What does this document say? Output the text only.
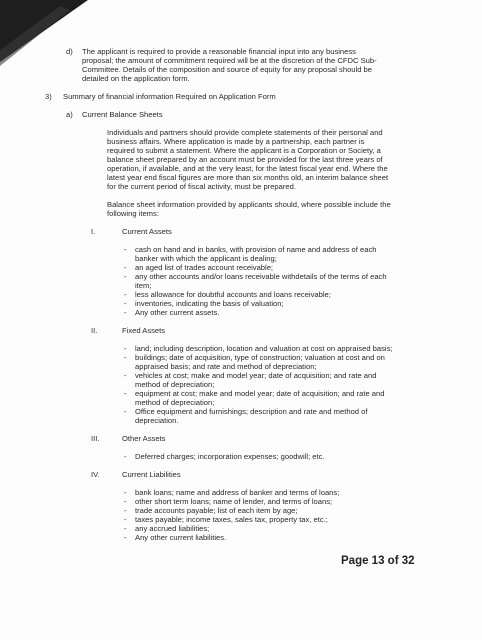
d) The applicant is required to provide a reasonable financial input into any business
proposal; the amount of commitment required will be at the discretion of the CFDC Sub-
Committee. Details of the composition and source of equity for any proposal should be
detailed on the application form.
3) Summary of financial information Required on Application Form
a) Current Balance Sheets
Individuals and partners should provide complete statements of their personal and
business affairs. Where application is made by a partnership, each partner is
required to submit a statement. Where the applicant is a Corporation or Society, a
balance sheet prepared by an account must be provided for the last three years of
operation, if available, and at the very least, for the latest fiscal year end. Where the
latest year end fiscal figures are more than six months old, an interim balance sheet
for the current period of fiscal activity, must be prepared.
Balance sheet information provided by applicants should, where possible include the
following items:
I.	Current Assets
- cash on hand and in banks, with provision of name and address of each
banker with which the applicant is dealing;
- an aged list of trades account receivable;
- any other accounts and/or loans receivable withdetails of the terms of each
item;
- less allowance for doubtful accounts and loans receivable;
- inventories, indicating the basis of valuation;
- Any other current assets.
II.	Fixed Assets
- land; including description, location and valuation at cost on appraised basis;
- buildings; date of acquisition, type of construction; valuation at cost and on
appraised basis; and rate and method of depreciation;
- vehicles at cost; make and model year; date of acquisition; and rate and
method of depreciation;
- equipment at cost; make and model year; date of acquisition; and rate and
method of depreciation;
- Office equipment and furnishings; description and rate and method of
depreciation.
III.	Other Assets
- Deferred charges; incorporation expenses; goodwill; etc.
IV.	Current Liabilities
- bank loans; name and address of banker and terms of loans;
- other short term loans; name of lender, and terms of loans;
- trade accounts payable; list of each item by age;
- taxes payable; income taxes, sales tax, property tax, etc.;
- any accrued liabilities;
- Any other current liabilities.
Page 13 of 32
